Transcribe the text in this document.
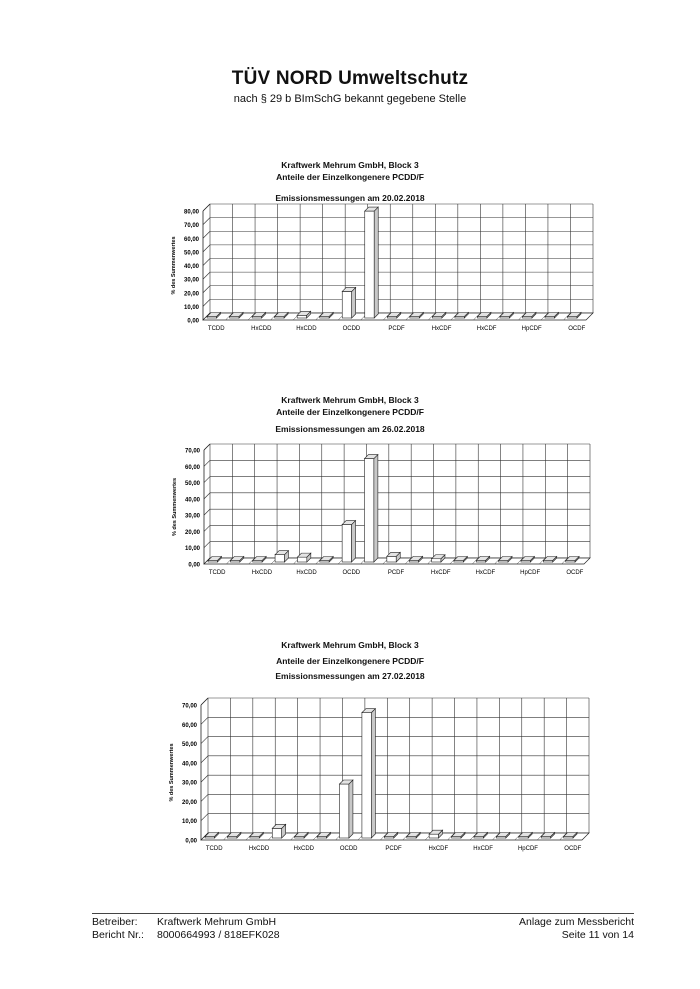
TÜV NORD Umweltschutz
nach § 29 b BImSchG bekannt gegebene Stelle
Kraftwerk Mehrum GmbH, Block 3
Anteile der Einzelkongenere PCDD/F
Emissionsmessungen am 20.02.2018
0,00
10,00
20,00
30,00
40,00
50,00
60,00
70,00
80,00
TCDD	HxCDD	HxCDD	OCDD	PCDF	HxCDF	HxCDF	HpCDF	OCDF
% des Summenwertes
Kraftwerk Mehrum GmbH, Block 3
Anteile der Einzelkongenere PCDD/F
Emissionsmessungen am 26.02.2018
0,00
10,00
20,00
30,00
40,00
50,00
60,00
70,00
TCDD	HxCDD	HxCDD	OCDD	PCDF	HxCDF	HxCDF	HpCDF	OCDF
% des Summenwertes
Kraftwerk Mehrum GmbH, Block 3
Anteile der Einzelkongenere PCDD/F
Emissionsmessungen am 27.02.2018
0,00
10,00
20,00
30,00
40,00
50,00
60,00
70,00
TCDD	HxCDD	HxCDD	OCDD	PCDF	HxCDF	HxCDF	HpCDF	OCDF
% des Summenwertes
Betreiber: Kraftwerk Mehrum GmbH
Bericht Nr.: 8000664993 / 818EFK028
Anlage zum Messbericht
Seite 11 von 14
